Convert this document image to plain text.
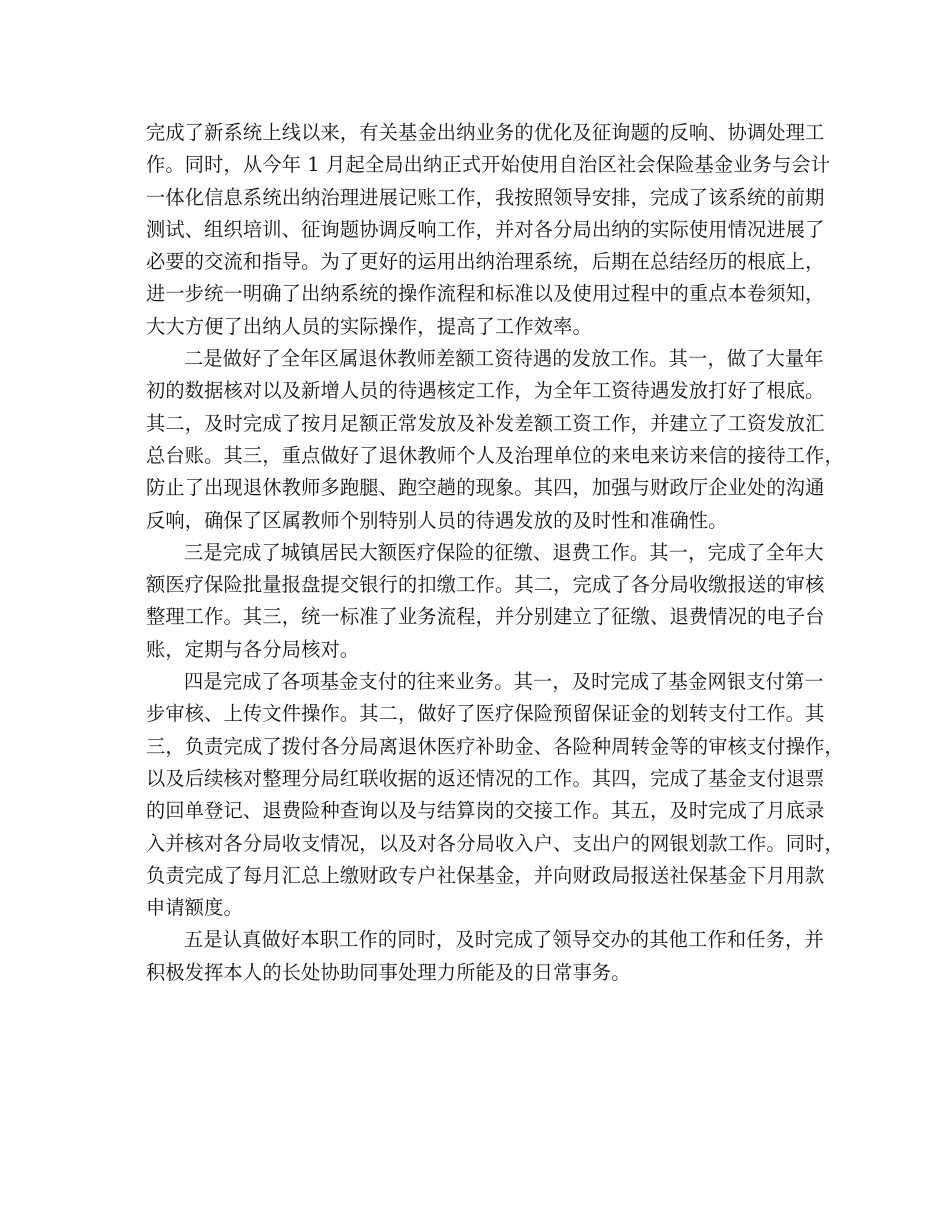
完成了新系统上线以来，有关基金出纳业务的优化及征询题的反响、协调处理工
作。同时，从今年 1 月起全局出纳正式开始使用自治区社会保险基金业务与会计
一体化信息系统出纳治理进展记账工作，我按照领导安排，完成了该系统的前期
测试、组织培训、征询题协调反响工作，并对各分局出纳的实际使用情况进展了
必要的交流和指导。为了更好的运用出纳治理系统，后期在总结经历的根底上，
进一步统一明确了出纳系统的操作流程和标准以及使用过程中的重点本卷须知，
大大方便了出纳人员的实际操作，提高了工作效率。
二是做好了全年区属退休教师差额工资待遇的发放工作。其一，做了大量年
初的数据核对以及新增人员的待遇核定工作，为全年工资待遇发放打好了根底。
其二，及时完成了按月足额正常发放及补发差额工资工作，并建立了工资发放汇
总台账。其三，重点做好了退休教师个人及治理单位的来电来访来信的接待工作，
防止了出现退休教师多跑腿、跑空趟的现象。其四，加强与财政厅企业处的沟通
反响，确保了区属教师个别特别人员的待遇发放的及时性和准确性。
三是完成了城镇居民大额医疗保险的征缴、退费工作。其一，完成了全年大
额医疗保险批量报盘提交银行的扣缴工作。其二，完成了各分局收缴报送的审核
整理工作。其三，统一标准了业务流程，并分别建立了征缴、退费情况的电子台
账，定期与各分局核对。
四是完成了各项基金支付的往来业务。其一，及时完成了基金网银支付第一
步审核、上传文件操作。其二，做好了医疗保险预留保证金的划转支付工作。其
三，负责完成了拨付各分局离退休医疗补助金、各险种周转金等的审核支付操作，
以及后续核对整理分局红联收据的返还情况的工作。其四，完成了基金支付退票
的回单登记、退费险种查询以及与结算岗的交接工作。其五，及时完成了月底录
入并核对各分局收支情况，以及对各分局收入户、支出户的网银划款工作。同时，
负责完成了每月汇总上缴财政专户社保基金，并向财政局报送社保基金下月用款
申请额度。
五是认真做好本职工作的同时，及时完成了领导交办的其他工作和任务，并
积极发挥本人的长处协助同事处理力所能及的日常事务。
